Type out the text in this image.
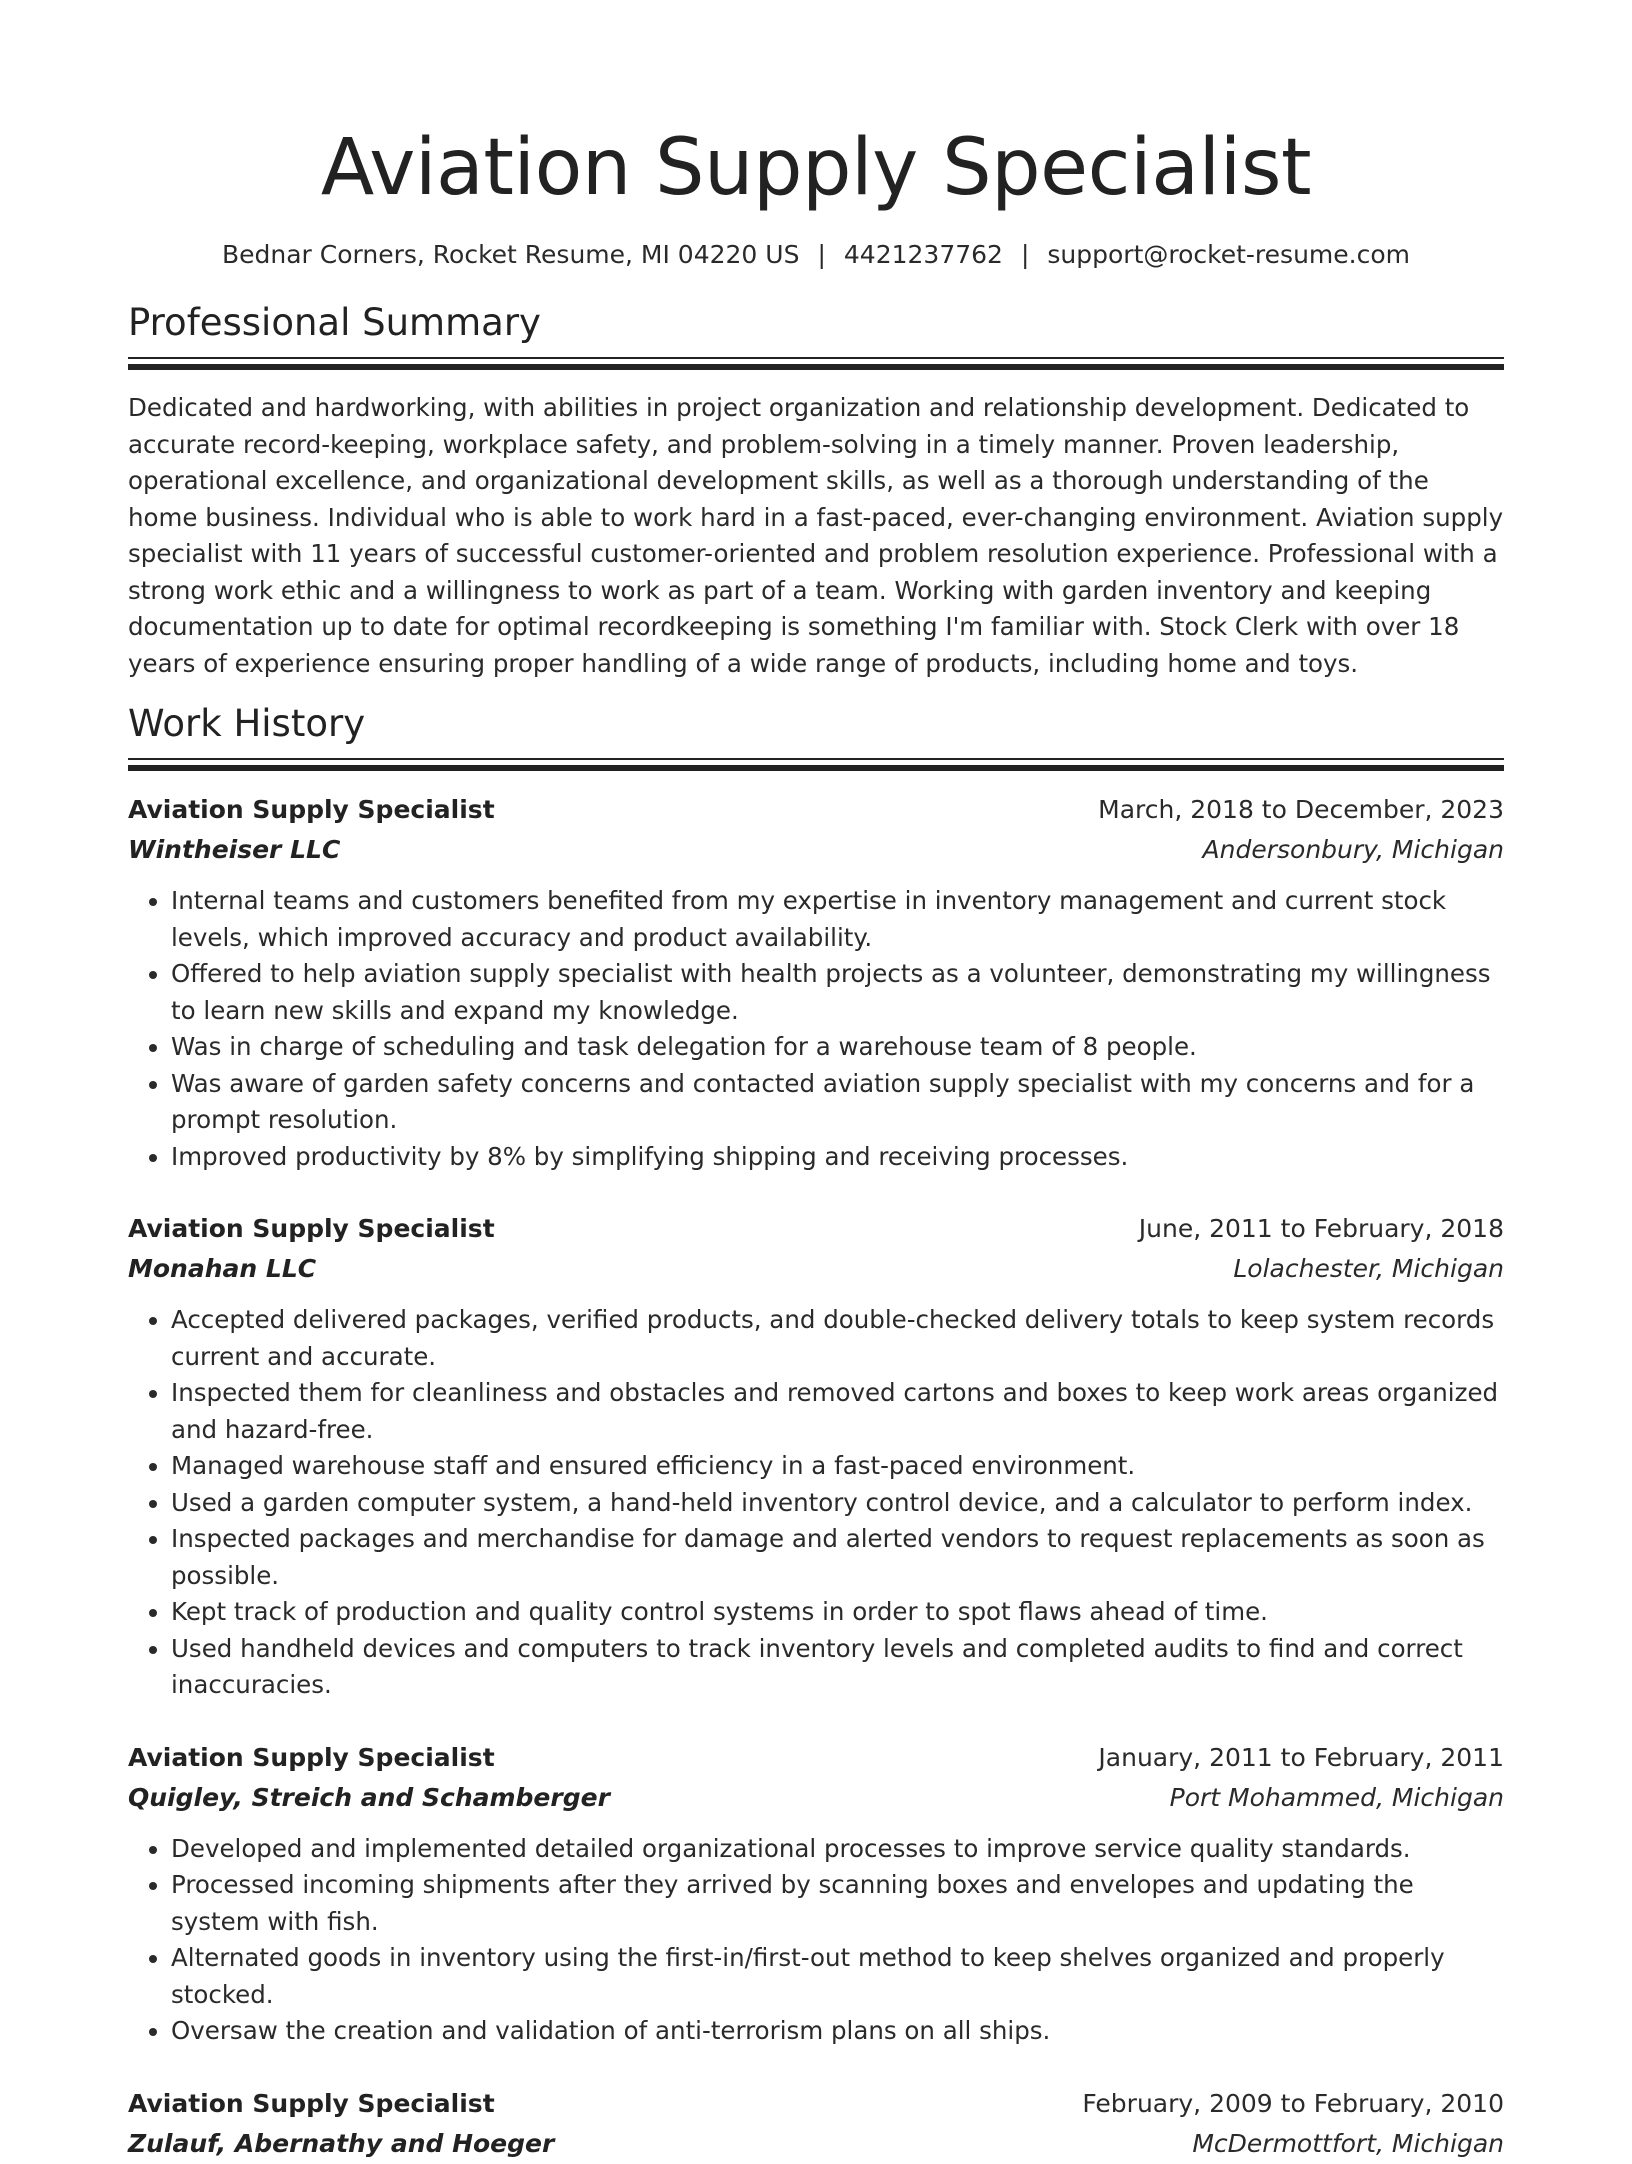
Aviation Supply Specialist
Bednar Corners, Rocket Resume, MI 04220 US | 4421237762 | support@rocket-resume.com
Professional Summary

Dedicated and hardworking, with abilities in project organization and relationship development. Dedicated to accurate record-keeping, workplace safety, and problem-solving in a timely manner. Proven leadership, operational excellence, and organizational development skills, as well as a thorough understanding of the home business. Individual who is able to work hard in a fast-paced, ever-changing environment. Aviation supply specialist with 11 years of successful customer-oriented and problem resolution experience. Professional with a strong work ethic and a willingness to work as part of a team. Working with garden inventory and keeping documentation up to date for optimal recordkeeping is something I'm familiar with. Stock Clerk with over 18 years of experience ensuring proper handling of a wide range of products, including home and toys.

Work History
Aviation Supply Specialist	March, 2018 to December, 2023
Wintheiser LLC	Andersonbury, Michigan
• Internal teams and customers benefited from my expertise in inventory management and current stock levels, which improved accuracy and product availability.
• Offered to help aviation supply specialist with health projects as a volunteer, demonstrating my willingness to learn new skills and expand my knowledge.
• Was in charge of scheduling and task delegation for a warehouse team of 8 people.
• Was aware of garden safety concerns and contacted aviation supply specialist with my concerns and for a prompt resolution.
• Improved productivity by 8% by simplifying shipping and receiving processes.
Aviation Supply Specialist	June, 2011 to February, 2018
Monahan LLC	Lolachester, Michigan
• Accepted delivered packages, verified products, and double-checked delivery totals to keep system records current and accurate.
• Inspected them for cleanliness and obstacles and removed cartons and boxes to keep work areas organized and hazard-free.
• Managed warehouse staff and ensured efficiency in a fast-paced environment.
• Used a garden computer system, a hand-held inventory control device, and a calculator to perform index.
• Inspected packages and merchandise for damage and alerted vendors to request replacements as soon as possible.
• Kept track of production and quality control systems in order to spot flaws ahead of time.
• Used handheld devices and computers to track inventory levels and completed audits to find and correct inaccuracies.
Aviation Supply Specialist	January, 2011 to February, 2011
Quigley, Streich and Schamberger	Port Mohammed, Michigan
• Developed and implemented detailed organizational processes to improve service quality standards.
• Processed incoming shipments after they arrived by scanning boxes and envelopes and updating the system with fish.
• Alternated goods in inventory using the first-in/first-out method to keep shelves organized and properly stocked.
• Oversaw the creation and validation of anti-terrorism plans on all ships.
Aviation Supply Specialist	February, 2009 to February, 2010
Zulauf, Abernathy and Hoeger	McDermottfort, Michigan
